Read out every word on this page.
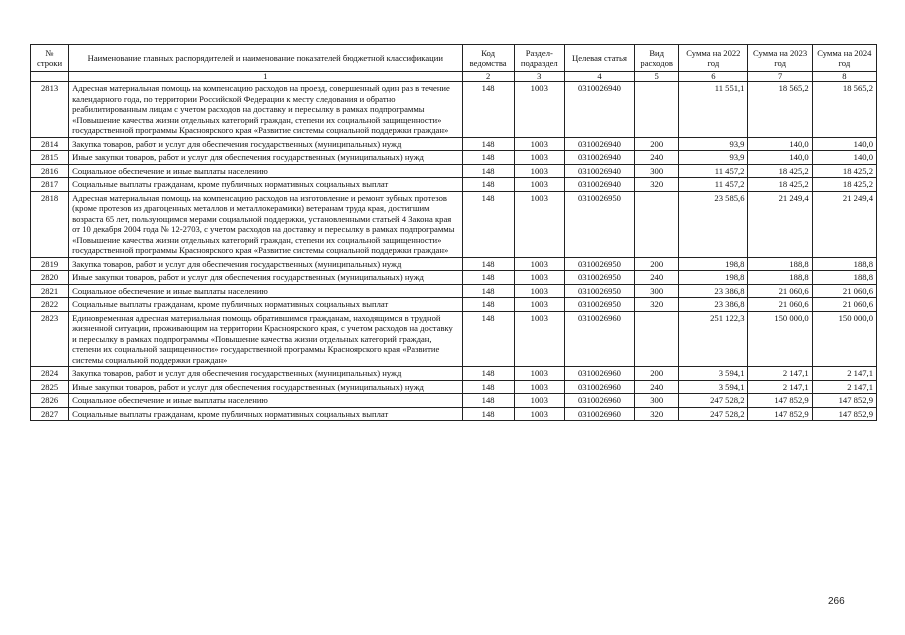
№ строки	Наименование главных распорядителей и наименование показателей бюджетной классификации	Код ведомства	Раздел-подраздел	Целевая статья	Вид расходов	Сумма на 2022 год	Сумма на 2023 год	Сумма на 2024 год
	1	2	3	4	5	6	7	8
2813	Адресная материальная помощь на компенсацию расходов на проезд, совершенный один раз в течение календарного года, по территории Российской Федерации к месту следования и обратно реабилитированным лицам с учетом расходов на доставку и пересылку в рамках подпрограммы «Повышение качества жизни отдельных категорий граждан, степени их социальной защищенности» государственной программы Красноярского края «Развитие системы социальной поддержки граждан»	148	1003	0310026940		11 551,1	18 565,2	18 565,2
2814	Закупка товаров, работ и услуг для обеспечения государственных (муниципальных) нужд	148	1003	0310026940	200	93,9	140,0	140,0
2815	Иные закупки товаров, работ и услуг для обеспечения государственных (муниципальных) нужд	148	1003	0310026940	240	93,9	140,0	140,0
2816	Социальное обеспечение и иные выплаты населению	148	1003	0310026940	300	11 457,2	18 425,2	18 425,2
2817	Социальные выплаты гражданам, кроме публичных нормативных социальных выплат	148	1003	0310026940	320	11 457,2	18 425,2	18 425,2
2818	Адресная материальная помощь на компенсацию расходов на изготовление и ремонт зубных протезов (кроме протезов из драгоценных металлов и металлокерамики) ветеранам труда края, достигшим возраста 65 лет, пользующимся мерами социальной поддержки, установленными статьей 4 Закона края от 10 декабря 2004 года № 12-2703, с учетом расходов на доставку и пересылку в рамках подпрограммы «Повышение качества жизни отдельных категорий граждан, степени их социальной защищенности» государственной программы Красноярского края «Развитие системы социальной поддержки граждан»	148	1003	0310026950		23 585,6	21 249,4	21 249,4
2819	Закупка товаров, работ и услуг для обеспечения государственных (муниципальных) нужд	148	1003	0310026950	200	198,8	188,8	188,8
2820	Иные закупки товаров, работ и услуг для обеспечения государственных (муниципальных) нужд	148	1003	0310026950	240	198,8	188,8	188,8
2821	Социальное обеспечение и иные выплаты населению	148	1003	0310026950	300	23 386,8	21 060,6	21 060,6
2822	Социальные выплаты гражданам, кроме публичных нормативных социальных выплат	148	1003	0310026950	320	23 386,8	21 060,6	21 060,6
2823	Единовременная адресная материальная помощь обратившимся гражданам, находящимся в трудной жизненной ситуации, проживающим на территории Красноярского края, с учетом расходов на доставку и пересылку в рамках подпрограммы «Повышение качества жизни отдельных категорий граждан, степени их социальной защищенности» государственной программы Красноярского края «Развитие системы социальной поддержки граждан»	148	1003	0310026960		251 122,3	150 000,0	150 000,0
2824	Закупка товаров, работ и услуг для обеспечения государственных (муниципальных) нужд	148	1003	0310026960	200	3 594,1	2 147,1	2 147,1
2825	Иные закупки товаров, работ и услуг для обеспечения государственных (муниципальных) нужд	148	1003	0310026960	240	3 594,1	2 147,1	2 147,1
2826	Социальное обеспечение и иные выплаты населению	148	1003	0310026960	300	247 528,2	147 852,9	147 852,9
2827	Социальные выплаты гражданам, кроме публичных нормативных социальных выплат	148	1003	0310026960	320	247 528,2	147 852,9	147 852,9
266
